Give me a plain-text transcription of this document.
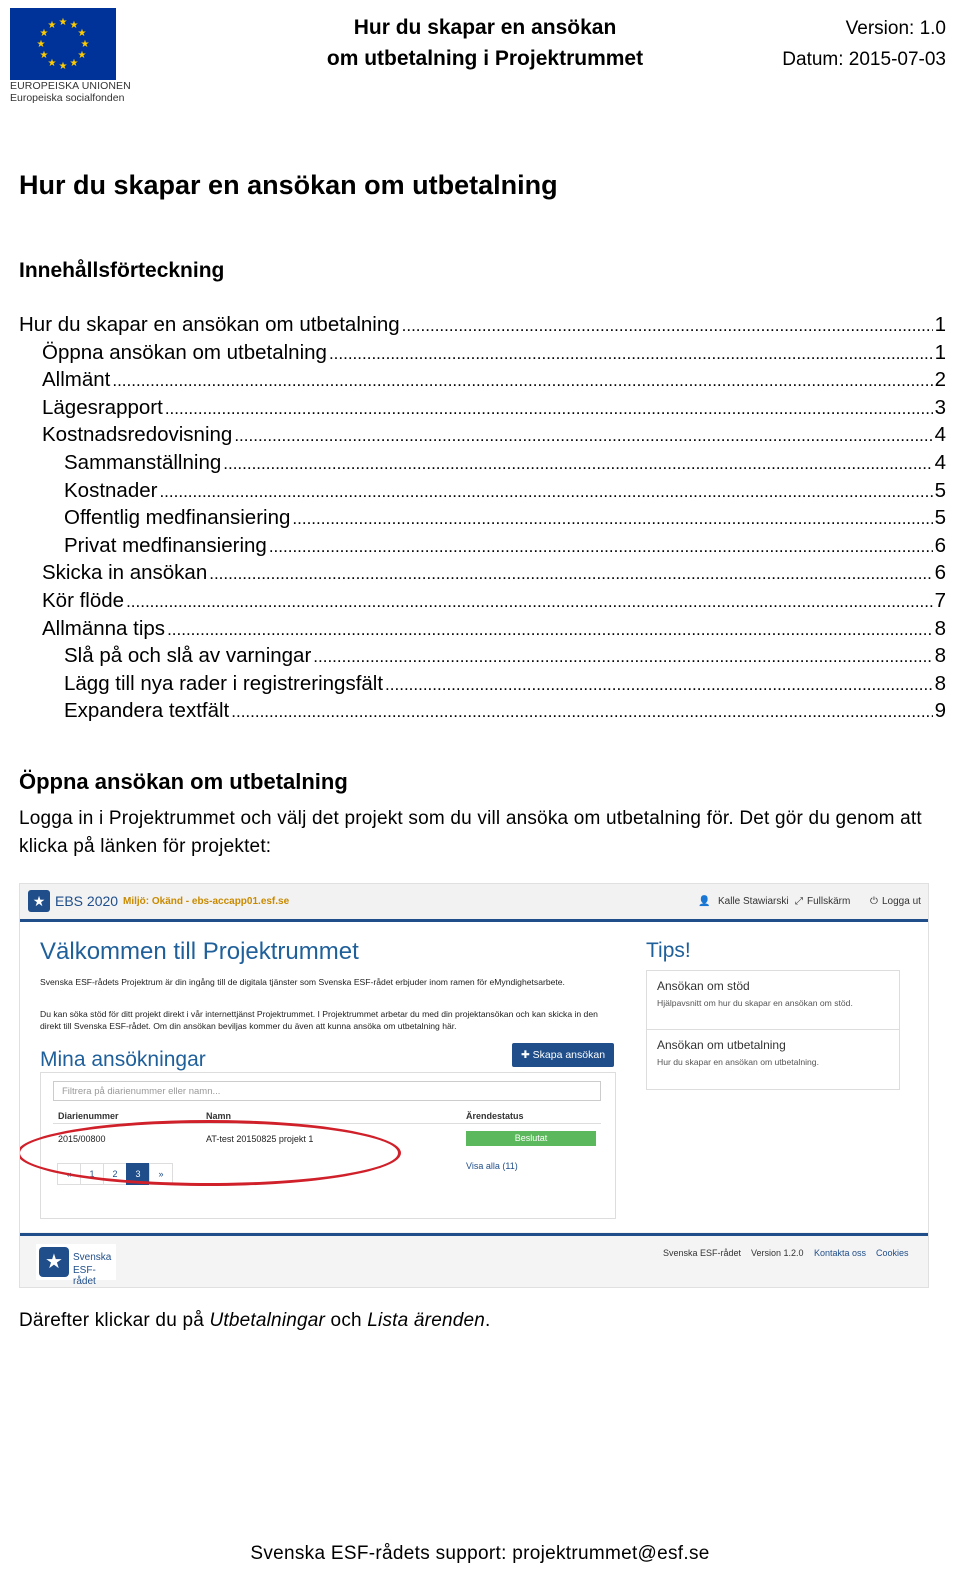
★ ★
★
★
★
★
★
★
★
★
★
★
EUROPEISKA UNIONEN
Europeiska socialfonden
Hur du skapar en ansökan
om utbetalning i Projektrummet
Version: 1.0
Datum: 2015-07-03
Hur du skapar en ansökan om utbetalning
Innehållsförteckning
Hur du skapar en ansökan om utbetalning .....	1
Öppna ansökan om utbetalning .....	1
Allmänt .....	2
Lägesrapport .....	3
Kostnadsredovisning .....	4
Sammanställning .....	4
Kostnader .....	5
Offentlig medfinansiering .....	5
Privat medfinansiering .....	6
Skicka in ansökan .....	6
Kör flöde .....	7
Allmänna tips .....	8
Slå på och slå av varningar .....	8
Lägg till nya rader i registreringsfält .....	8
Expandera textfält .....	9
Öppna ansökan om utbetalning
Logga in i Projektrummet och välj det projekt som du vill ansöka om utbetalning för. Det gör du genom att klicka på länken för projektet:
★ EBS 2020 Miljö: Okänd - ebs-accapp01.esf.se	👤 Kalle Stawiarski ⤢ Fullskärm ⏻ Logga ut
Välkommen till Projektrummet
Svenska ESF-rådets Projektrum är din ingång till de digitala tjänster som Svenska ESF-rådet erbjuder inom ramen för eMyndighetsarbete.
Du kan söka stöd för ditt projekt direkt i vår internettjänst Projektrummet. I Projektrummet arbetar du med din projektansökan och kan skicka in den direkt till Svenska ESF-rådet. Om din ansökan beviljas kommer du även att kunna ansöka om utbetalning här.
Mina ansökningar	✚ Skapa ansökan
Filtrera på diarienummer eller namn...
Diarienummer	Namn	Ärendestatus
2015/00800	AT-test 20150825 projekt 1	Beslutat
Visa alla (11)
«	1	2	3	»
Tips!
Ansökan om stöd
Hjälpavsnitt om hur du skapar en ansökan om stöd.
Ansökan om utbetalning
Hur du skapar en ansökan om utbetalning.
★	Svenska
ESF-rådet
Svenska ESF-rådet Version 1.2.0 Kontakta oss Cookies
Därefter klickar du på Utbetalningar och Lista ärenden.
Svenska ESF-rådets support: projektrummet@esf.se
